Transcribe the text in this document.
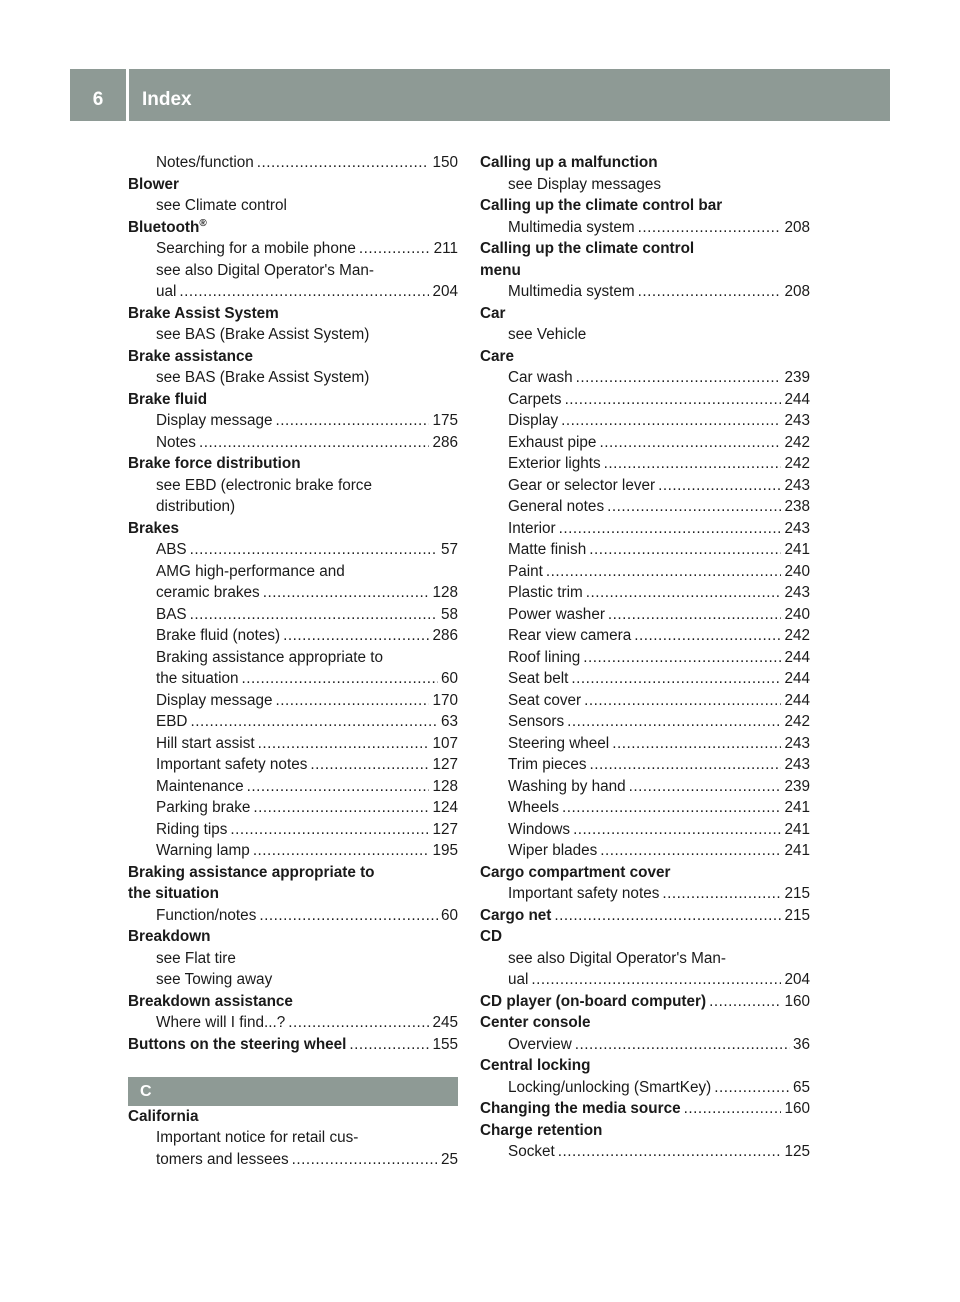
6	Index
Notes/function .....	150
Blower
see Climate control
Bluetooth®
Searching for a mobile phone .....	211
see also Digital Operator's Man-
ual .....	204
Brake Assist System
see BAS (Brake Assist System)
Brake assistance
see BAS (Brake Assist System)
Brake fluid
Display message .....	175
Notes .....	286
Brake force distribution
see EBD (electronic brake force
distribution)
Brakes
ABS .....	57
AMG high-performance and
ceramic brakes .....	128
BAS .....	58
Brake fluid (notes) .....	286
Braking assistance appropriate to
the situation .....	60
Display message .....	170
EBD .....	63
Hill start assist .....	107
Important safety notes .....	127
Maintenance .....	128
Parking brake .....	124
Riding tips .....	127
Warning lamp .....	195
Braking assistance appropriate to
the situation
Function/notes .....	60
Breakdown
see Flat tire
see Towing away
Breakdown assistance
Where will I find...? .....	245
Buttons on the steering wheel .....	155
C
California
Important notice for retail cus-
tomers and lessees .....	25
Calling up a malfunction
see Display messages
Calling up the climate control bar
Multimedia system .....	208
Calling up the climate control
menu
Multimedia system .....	208
Car
see Vehicle
Care
Car wash .....	239
Carpets .....	244
Display .....	243
Exhaust pipe .....	242
Exterior lights .....	242
Gear or selector lever .....	243
General notes .....	238
Interior .....	243
Matte finish .....	241
Paint .....	240
Plastic trim .....	243
Power washer .....	240
Rear view camera .....	242
Roof lining .....	244
Seat belt .....	244
Seat cover .....	244
Sensors .....	242
Steering wheel .....	243
Trim pieces .....	243
Washing by hand .....	239
Wheels .....	241
Windows .....	241
Wiper blades .....	241
Cargo compartment cover
Important safety notes .....	215
Cargo net .....	215
CD
see also Digital Operator's Man-
ual .....	204
CD player (on-board computer) .....	160
Center console
Overview .....	36
Central locking
Locking/unlocking (SmartKey) .....	65
Changing the media source .....	160
Charge retention
Socket .....	125
